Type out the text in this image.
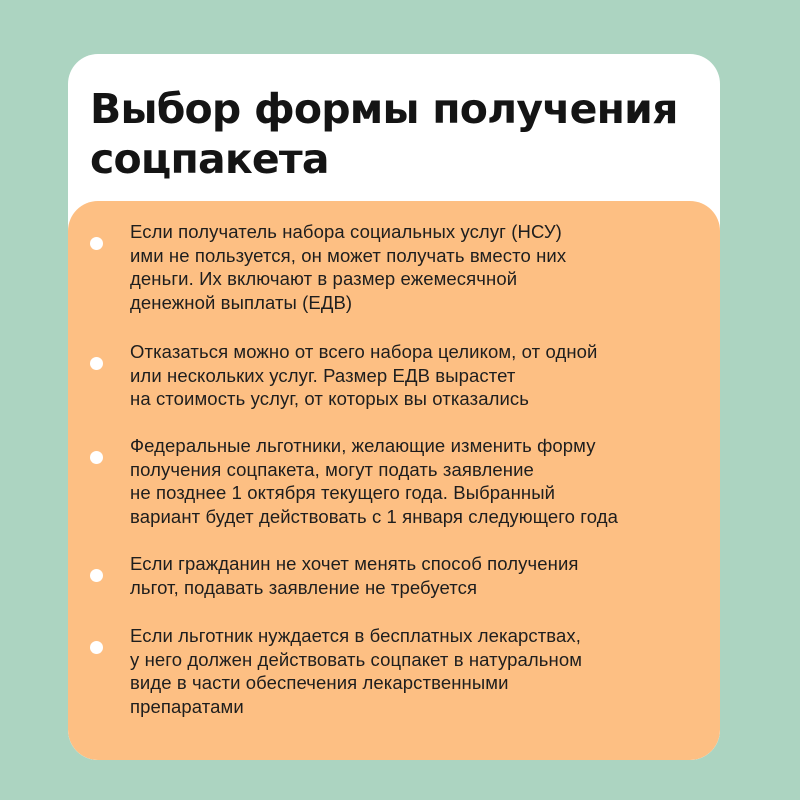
Выбор формы получения
соцпакета
Если получатель набора социальных услуг (НСУ)
ими не пользуется, он может получать вместо них
деньги. Их включают в размер ежемесячной
денежной выплаты (ЕДВ)
Отказаться можно от всего набора целиком, от одной
или нескольких услуг. Размер ЕДВ вырастет
на стоимость услуг, от которых вы отказались
Федеральные льготники, желающие изменить форму
получения соцпакета, могут подать заявление
не позднее 1 октября текущего года. Выбранный
вариант будет действовать с 1 января следующего года
Если гражданин не хочет менять способ получения
льгот, подавать заявление не требуется
Если льготник нуждается в бесплатных лекарствах,
у него должен действовать соцпакет в натуральном
виде в части обеспечения лекарственными
препаратами
